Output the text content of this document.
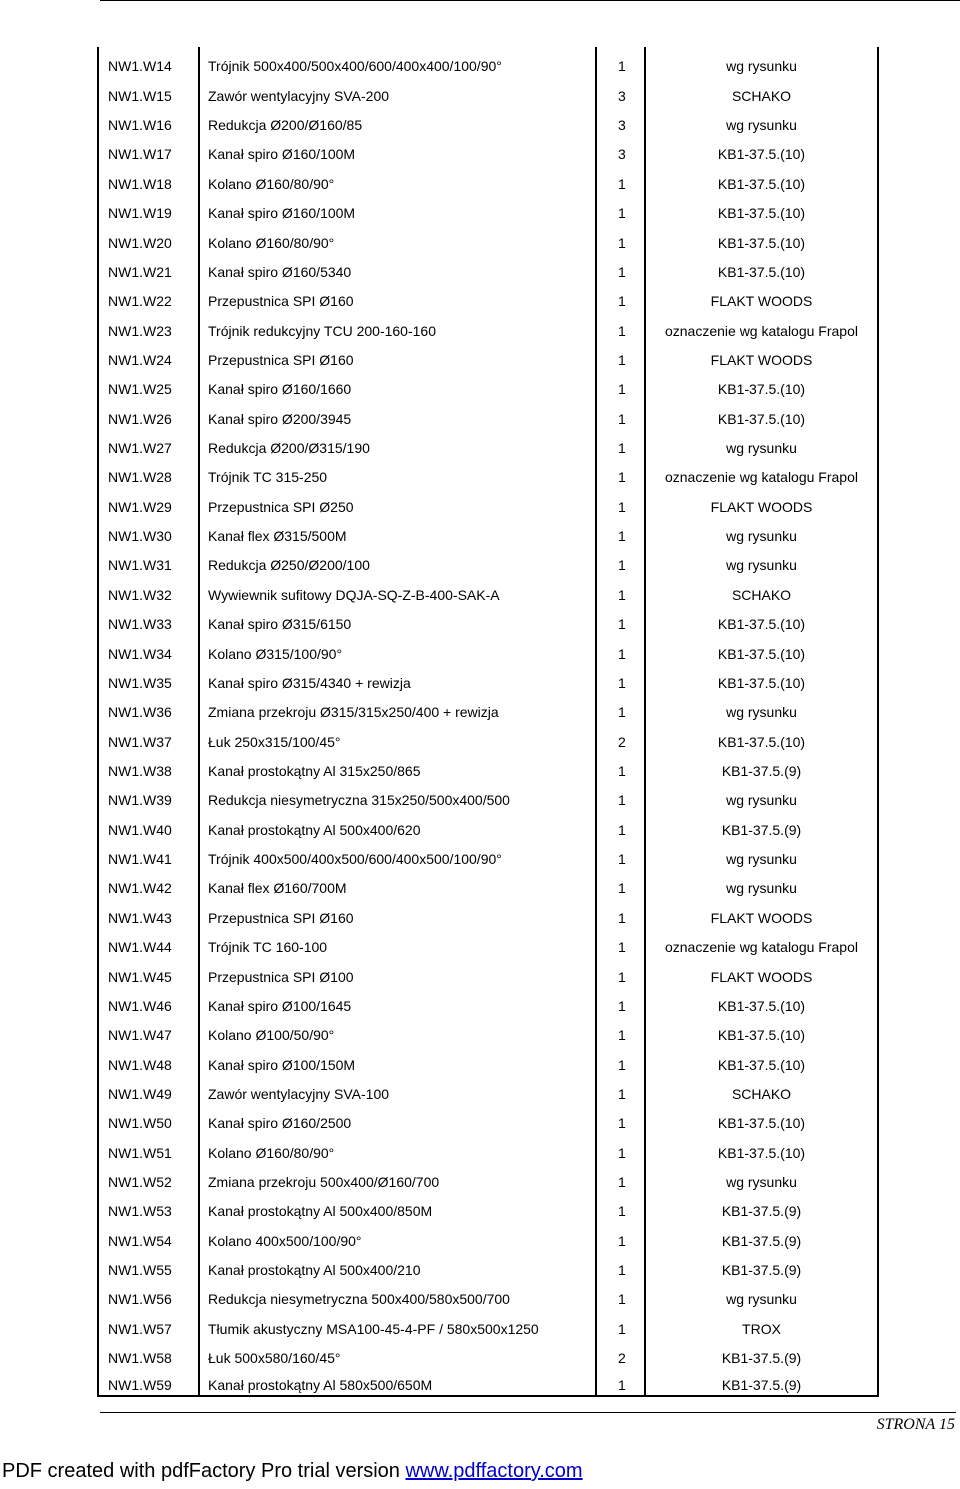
NW1.W14	Trójnik 500x400/500x400/600/400x400/100/90°	1	wg rysunku
NW1.W15	Zawór wentylacyjny SVA-200	3	SCHAKO
NW1.W16	Redukcja Ø200/Ø160/85	3	wg rysunku
NW1.W17	Kanał spiro Ø160/100M	3	KB1-37.5.(10)
NW1.W18	Kolano Ø160/80/90°	1	KB1-37.5.(10)
NW1.W19	Kanał spiro Ø160/100M	1	KB1-37.5.(10)
NW1.W20	Kolano Ø160/80/90°	1	KB1-37.5.(10)
NW1.W21	Kanał spiro Ø160/5340	1	KB1-37.5.(10)
NW1.W22	Przepustnica SPI Ø160	1	FLAKT WOODS
NW1.W23	Trójnik redukcyjny TCU 200-160-160	1	oznaczenie wg katalogu Frapol
NW1.W24	Przepustnica SPI Ø160	1	FLAKT WOODS
NW1.W25	Kanał spiro Ø160/1660	1	KB1-37.5.(10)
NW1.W26	Kanał spiro Ø200/3945	1	KB1-37.5.(10)
NW1.W27	Redukcja Ø200/Ø315/190	1	wg rysunku
NW1.W28	Trójnik TC 315-250	1	oznaczenie wg katalogu Frapol
NW1.W29	Przepustnica SPI Ø250	1	FLAKT WOODS
NW1.W30	Kanał flex Ø315/500M	1	wg rysunku
NW1.W31	Redukcja Ø250/Ø200/100	1	wg rysunku
NW1.W32	Wywiewnik sufitowy DQJA-SQ-Z-B-400-SAK-A	1	SCHAKO
NW1.W33	Kanał spiro Ø315/6150	1	KB1-37.5.(10)
NW1.W34	Kolano Ø315/100/90°	1	KB1-37.5.(10)
NW1.W35	Kanał spiro Ø315/4340 + rewizja	1	KB1-37.5.(10)
NW1.W36	Zmiana przekroju Ø315/315x250/400 + rewizja	1	wg rysunku
NW1.W37	Łuk 250x315/100/45°	2	KB1-37.5.(10)
NW1.W38	Kanał prostokątny Al 315x250/865	1	KB1-37.5.(9)
NW1.W39	Redukcja niesymetryczna 315x250/500x400/500	1	wg rysunku
NW1.W40	Kanał prostokątny Al 500x400/620	1	KB1-37.5.(9)
NW1.W41	Trójnik 400x500/400x500/600/400x500/100/90°	1	wg rysunku
NW1.W42	Kanał flex Ø160/700M	1	wg rysunku
NW1.W43	Przepustnica SPI Ø160	1	FLAKT WOODS
NW1.W44	Trójnik TC 160-100	1	oznaczenie wg katalogu Frapol
NW1.W45	Przepustnica SPI Ø100	1	FLAKT WOODS
NW1.W46	Kanał spiro Ø100/1645	1	KB1-37.5.(10)
NW1.W47	Kolano Ø100/50/90°	1	KB1-37.5.(10)
NW1.W48	Kanał spiro Ø100/150M	1	KB1-37.5.(10)
NW1.W49	Zawór wentylacyjny SVA-100	1	SCHAKO
NW1.W50	Kanał spiro Ø160/2500	1	KB1-37.5.(10)
NW1.W51	Kolano Ø160/80/90°	1	KB1-37.5.(10)
NW1.W52	Zmiana przekroju 500x400/Ø160/700	1	wg rysunku
NW1.W53	Kanał prostokątny Al 500x400/850M	1	KB1-37.5.(9)
NW1.W54	Kolano 400x500/100/90°	1	KB1-37.5.(9)
NW1.W55	Kanał prostokątny Al 500x400/210	1	KB1-37.5.(9)
NW1.W56	Redukcja niesymetryczna 500x400/580x500/700	1	wg rysunku
NW1.W57	Tłumik akustyczny MSA100-45-4-PF / 580x500x1250	1	TROX
NW1.W58	Łuk 500x580/160/45°	2	KB1-37.5.(9)
NW1.W59	Kanał prostokątny Al 580x500/650M	1	KB1-37.5.(9)
STRONA 15
PDF created with pdfFactory Pro trial version www.pdffactory.com
